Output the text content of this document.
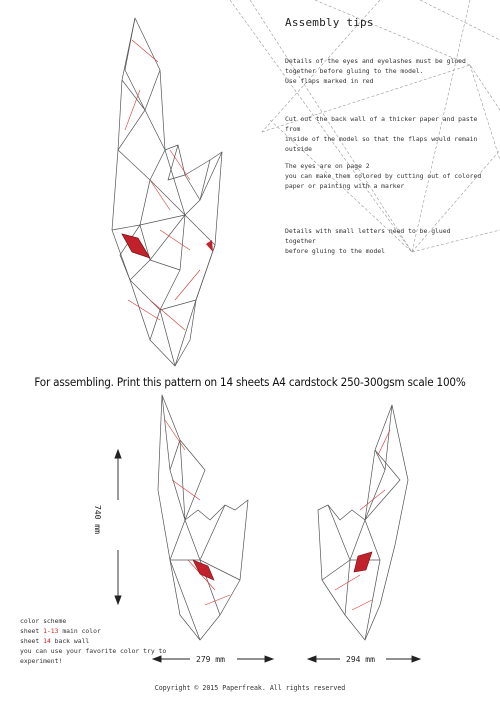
Assembly tips
Details of the eyes and eyelashes must be glued
together before gluing to the model.
Use flaps marked in red
Cut out the back wall of a thicker paper and paste from
inside of the model so that the flaps would remain
outside
The eyes are on page 2
you can make them colored by cutting out of colored
paper or painting with a marker
Details with small letters need to be glued together
before gluing to the model
For assembling. Print this pattern on 14 sheets A4 cardstock 250-300gsm scale 100%
740 mm
279 mm	294 mm
color scheme
sheet 1-13 main color
sheet 14 back wall
you can use your favorite color try to
experiment!
Copyright © 2015 Paperfreak. All rights reserved
